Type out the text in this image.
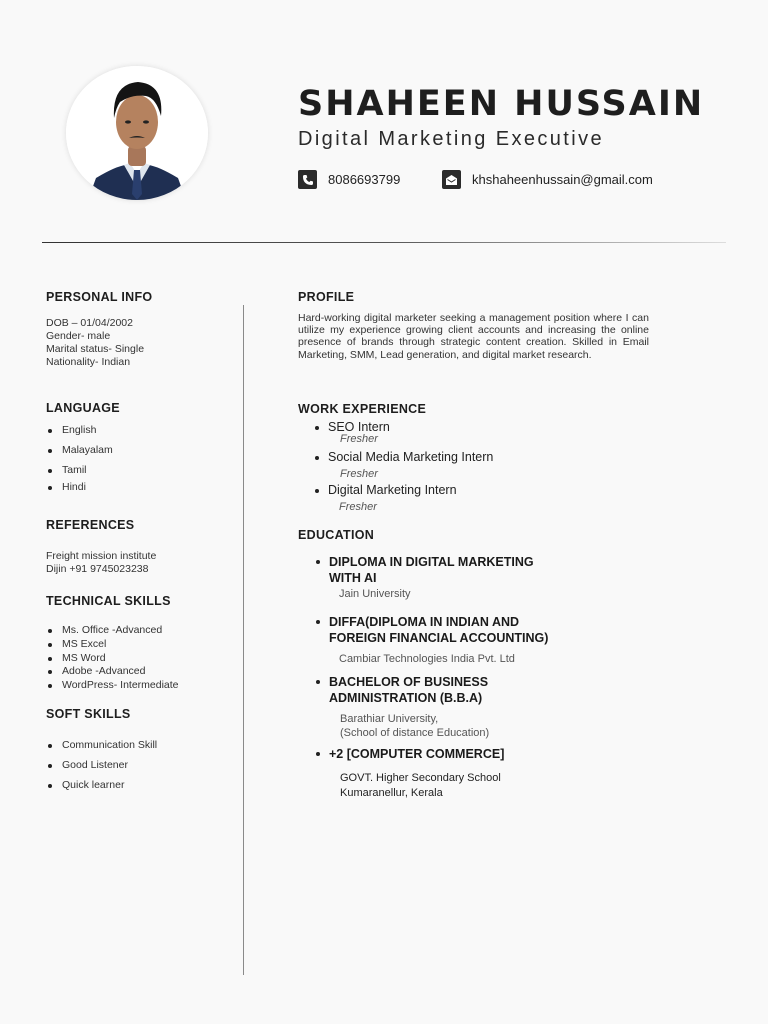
SHAHEEN HUSSAIN
Digital Marketing Executive
8086693799	khshaheenhussain@gmail.com
PERSONAL INFO
DOB – 01/04/2002
Gender- male
Marital status- Single
Nationality- Indian
LANGUAGE
English
Malayalam
Tamil
Hindi
REFERENCES
Freight mission institute
Dijin +91 9745023238
TECHNICAL SKILLS
Ms. Office -Advanced
MS Excel
MS Word
Adobe -Advanced
WordPress- Intermediate
SOFT SKILLS
Communication Skill
Good Listener
Quick learner
PROFILE

Hard-working digital marketer seeking a management position where I can utilize my experience growing client accounts and increasing the online presence of brands through strategic content creation. Skilled in Email Marketing, SMM, Lead generation, and digital market research.

WORK EXPERIENCE
SEO Intern
Fresher
Social Media Marketing Intern
Fresher
Digital Marketing Intern
Fresher
EDUCATION
DIPLOMA IN DIGITAL MARKETING
WITH AI
Jain University
DIFFA(DIPLOMA IN INDIAN AND
FOREIGN FINANCIAL ACCOUNTING)
Cambiar Technologies India Pvt. Ltd
BACHELOR OF BUSINESS
ADMINISTRATION (B.B.A)
Barathiar University,
(School of distance Education)
+2 [COMPUTER COMMERCE]
GOVT. Higher Secondary School
Kumaranellur, Kerala
